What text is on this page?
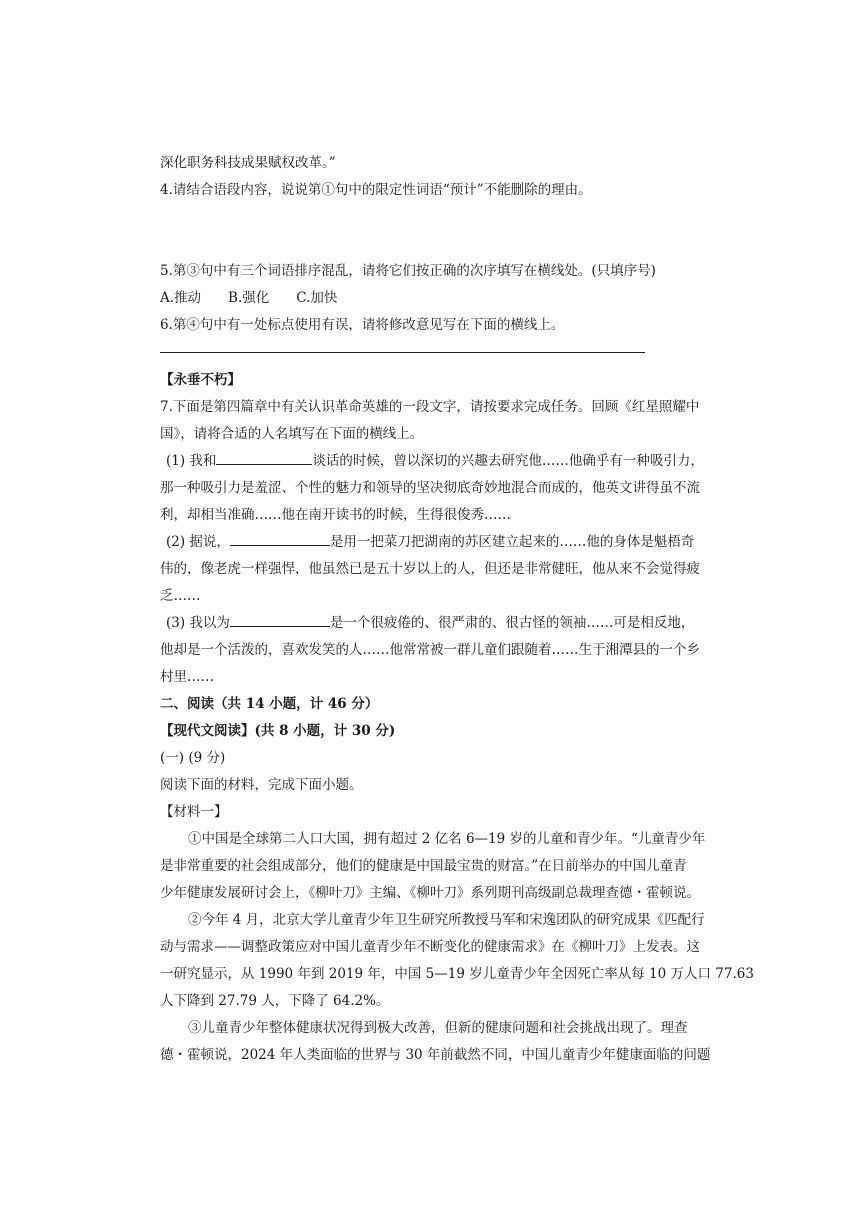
深化职务科技成果赋权改革。”
4.请结合语段内容，说说第①句中的限定性词语“预计”不能删除的理由。
5.第③句中有三个词语排序混乱，请将它们按正确的次序填写在横线处。(只填序号)
A.推动　　B.强化　　C.加快
6.第④句中有一处标点使用有误，请将修改意见写在下面的横线上。
【永垂不朽】
7.下面是第四篇章中有关认识革命英雄的一段文字，请按要求完成任务。回顾《红星照耀中
国》，请将合适的人名填写在下面的横线上。
(1) 我和	谈话的时候，曾以深切的兴趣去研究他……他确乎有一种吸引力，
那一种吸引力是羞涩、个性的魅力和领导的坚决彻底奇妙地混合而成的，他英文讲得虽不流
利，却相当准确……他在南开读书的时候，生得很俊秀……
(2) 据说，	是用一把菜刀把湖南的苏区建立起来的……他的身体是魁梧奇
伟的，像老虎一样强悍，他虽然已是五十岁以上的人，但还是非常健旺，他从来不会觉得疲
乏……
(3) 我以为	是一个很疲倦的、很严肃的、很古怪的领袖……可是相反地，
他却是一个活泼的，喜欢发笑的人……他常常被一群儿童们跟随着……生于湘潭县的一个乡
村里……
二、阅读（共 14 小题，计 46 分）
【现代文阅读】(共 8 小题，计 30 分)
(一) (9 分)
阅读下面的材料，完成下面小题。
【材料一】
①中国是全球第二人口大国，拥有超过 2 亿名 6—19 岁的儿童和青少年。“儿童青少年
是非常重要的社会组成部分，他们的健康是中国最宝贵的财富。”在日前举办的中国儿童青
少年健康发展研讨会上，《柳叶刀》主编、《柳叶刀》系列期刊高级副总裁理查德・霍顿说。
②今年 4 月，北京大学儿童青少年卫生研究所教授马军和宋逸团队的研究成果《匹配行
动与需求——调整政策应对中国儿童青少年不断变化的健康需求》在《柳叶刀》上发表。这
一研究显示，从 1990 年到 2019 年，中国 5—19 岁儿童青少年全因死亡率从每 10 万人口 77.63
人下降到 27.79 人，下降了 64.2%。
③儿童青少年整体健康状况得到极大改善，但新的健康问题和社会挑战出现了。理查
德・霍顿说，2024 年人类面临的世界与 30 年前截然不同，中国儿童青少年健康面临的问题
